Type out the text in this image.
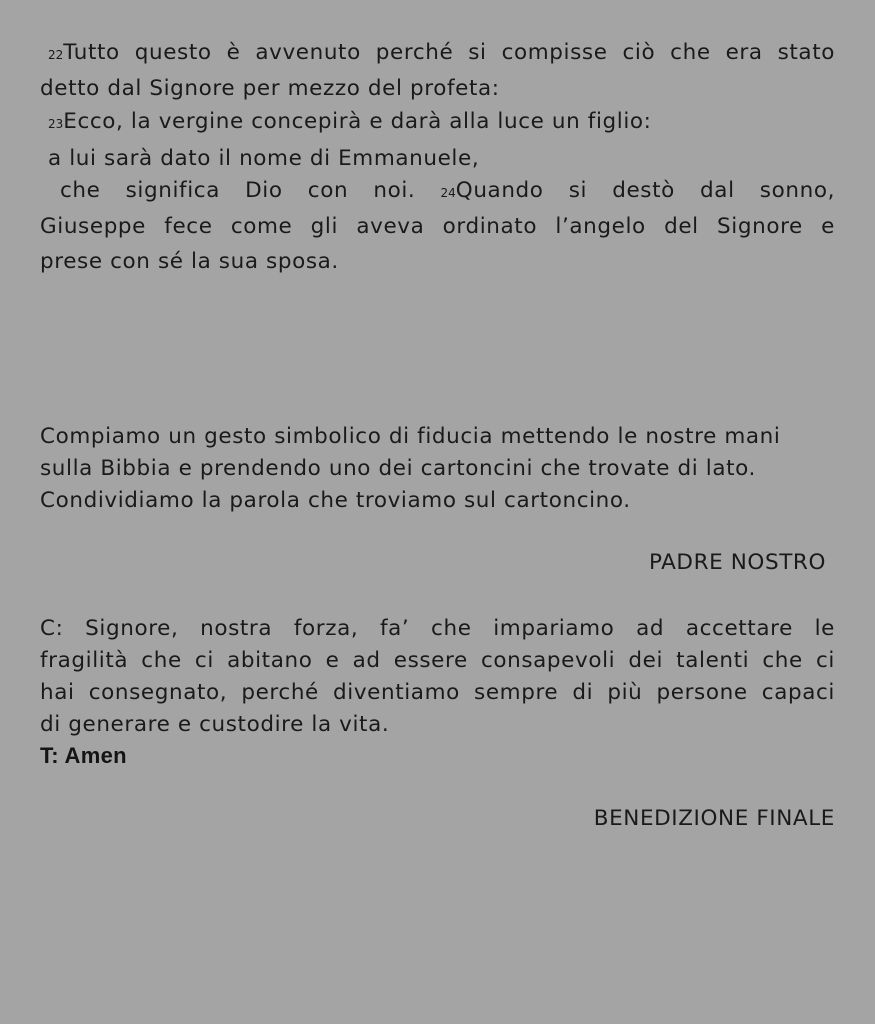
22Tutto questo è avvenuto perché si compisse ciò che era stato
detto dal Signore per mezzo del profeta:
23Ecco, la vergine concepirà e darà alla luce un figlio:
a lui sarà dato il nome di Emmanuele,
che significa Dio con noi. 24Quando si destò dal sonno,
Giuseppe fece come gli aveva ordinato l’angelo del Signore e
prese con sé la sua sposa.
Compiamo un gesto simbolico di fiducia mettendo le nostre mani
sulla Bibbia e prendendo uno dei cartoncini che trovate di lato.
Condividiamo la parola che troviamo sul cartoncino.
PADRE NOSTRO
C: Signore, nostra forza, fa’ che impariamo ad accettare le
fragilità che ci abitano e ad essere consapevoli dei talenti che ci
hai consegnato, perché diventiamo sempre di più persone capaci
di generare e custodire la vita.
T: Amen
BENEDIZIONE FINALE
